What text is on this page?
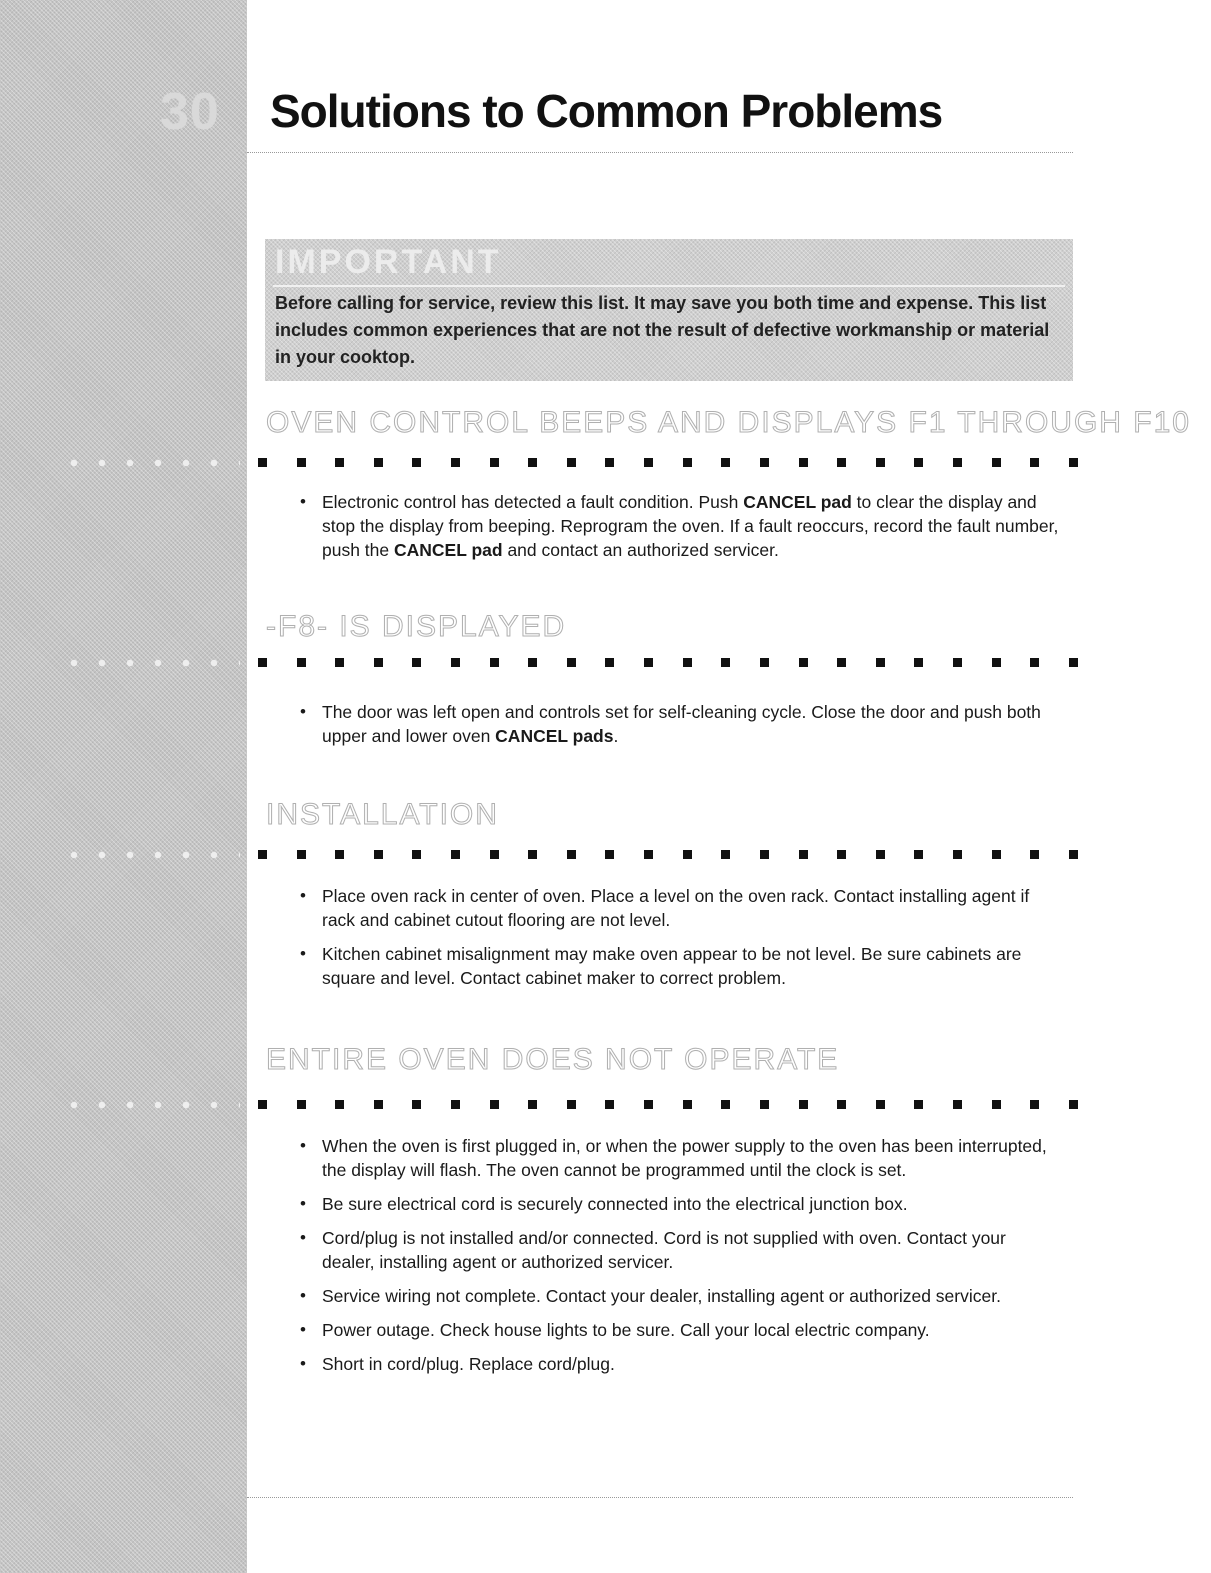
30	Solutions to Common Problems
IMPORTANT
Before calling for service, review this list. It may save you both time and expense. This list includes common experiences that are not the result of defective workmanship or material in your cooktop.
OVEN CONTROL BEEPS AND DISPLAYS F1 THROUGH F10
• Electronic control has detected a fault condition. Push CANCEL pad to clear the display and stop the display from beeping. Reprogram the oven. If a fault reoccurs, record the fault number, push the CANCEL pad and contact an authorized servicer.
-F8- IS DISPLAYED
• The door was left open and controls set for self-cleaning cycle. Close the door and push both upper and lower oven CANCEL pads.
INSTALLATION
• Place oven rack in center of oven. Place a level on the oven rack. Contact installing agent if rack and cabinet cutout flooring are not level.
• Kitchen cabinet misalignment may make oven appear to be not level. Be sure cabinets are square and level. Contact cabinet maker to correct problem.
ENTIRE OVEN DOES NOT OPERATE
• When the oven is first plugged in, or when the power supply to the oven has been interrupted, the display will flash. The oven cannot be programmed until the clock is set.
• Be sure electrical cord is securely connected into the electrical junction box.
• Cord/plug is not installed and/or connected. Cord is not supplied with oven. Contact your dealer, installing agent or authorized servicer.
• Service wiring not complete. Contact your dealer, installing agent or authorized servicer.
• Power outage. Check house lights to be sure. Call your local electric company.
• Short in cord/plug. Replace cord/plug.
